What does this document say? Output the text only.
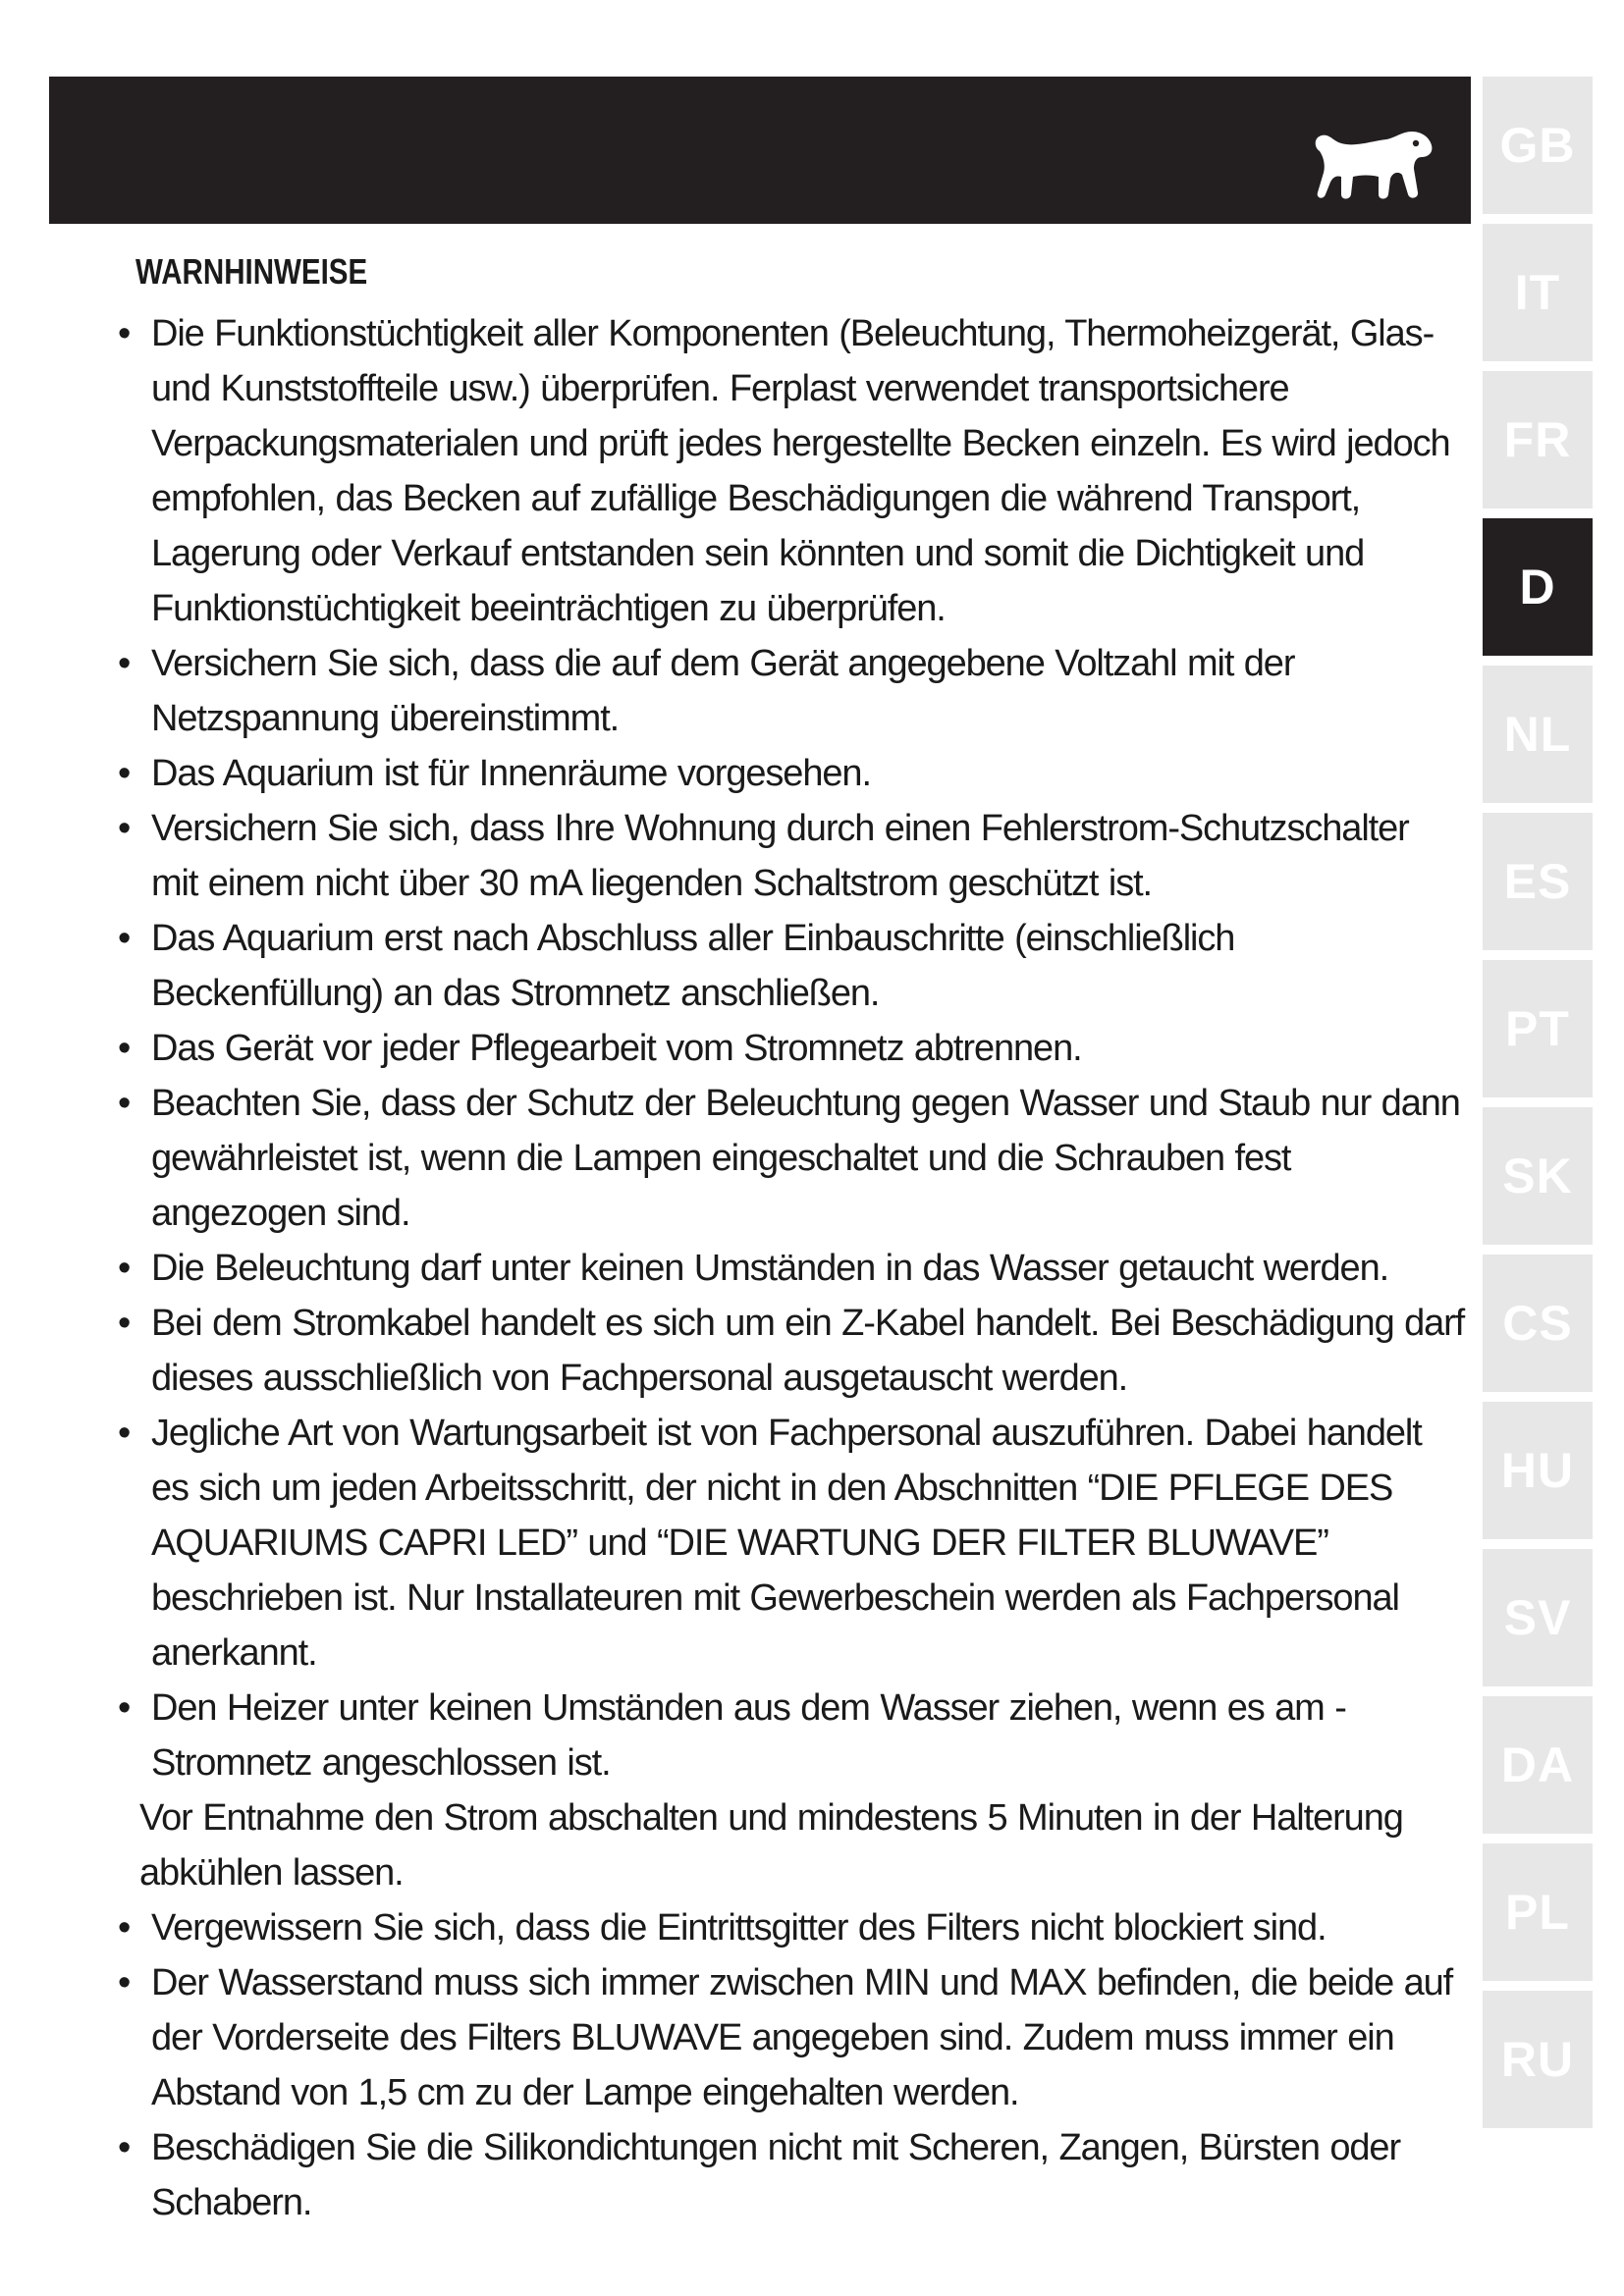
GB
IT
FR
D
NL
ES
PT
SK
CS
HU
SV
DA
PL
RU
WARNHINWEISE
• Die Funktionstüchtigkeit aller Komponenten (Beleuchtung, Thermoheizgerät, Glas- und Kunststoffteile usw.) überprüfen. Ferplast verwendet transportsichere Verpackungsmaterialen und prüft jedes hergestellte Becken einzeln. Es wird jedoch empfohlen, das Becken auf zufällige Beschädigungen die während Transport, Lagerung oder Verkauf entstanden sein könnten und somit die Dichtigkeit und Funktionstüchtigkeit beeinträchtigen zu überprüfen.
• Versichern Sie sich, dass die auf dem Gerät angegebene Voltzahl mit der Netzspannung übereinstimmt.
• Das Aquarium ist für Innenräume vorgesehen.
• Versichern Sie sich, dass Ihre Wohnung durch einen Fehlerstrom-Schutzschalter mit einem nicht über 30 mA liegenden Schaltstrom geschützt ist.
• Das Aquarium erst nach Abschluss aller Einbauschritte (einschließlich Beckenfüllung) an das Stromnetz anschließen.
• Das Gerät vor jeder Pflegearbeit vom Stromnetz abtrennen.
• Beachten Sie, dass der Schutz der Beleuchtung gegen Wasser und Staub nur dann gewährleistet ist, wenn die Lampen eingeschaltet und die Schrauben fest angezogen sind.
• Die Beleuchtung darf unter keinen Umständen in das Wasser getaucht werden.
• Bei dem Stromkabel handelt es sich um ein Z-Kabel handelt. Bei Beschädigung darf dieses ausschließlich von Fachpersonal ausgetauscht werden.
• Jegliche Art von Wartungsarbeit ist von Fachpersonal auszuführen. Dabei handelt es sich um jeden Arbeitsschritt, der nicht in den Abschnitten “DIE PFLEGE DES AQUARIUMS CAPRI LED” und “DIE WARTUNG DER FILTER BLUWAVE” beschrieben ist. Nur Installateuren mit Gewerbeschein werden als Fachpersonal anerkannt.
• Den Heizer unter keinen Umständen aus dem Wasser ziehen, wenn es am - Stromnetz angeschlossen ist.
Vor Entnahme den Strom abschalten und mindestens 5 Minuten in der Halterung abkühlen lassen.
• Vergewissern Sie sich, dass die Eintrittsgitter des Filters nicht blockiert sind.
• Der Wasserstand muss sich immer zwischen MIN und MAX befinden, die beide auf der Vorderseite des Filters BLUWAVE angegeben sind. Zudem muss immer ein Abstand von 1,5 cm zu der Lampe eingehalten werden.
• Beschädigen Sie die Silikondichtungen nicht mit Scheren, Zangen, Bürsten oder Schabern.
